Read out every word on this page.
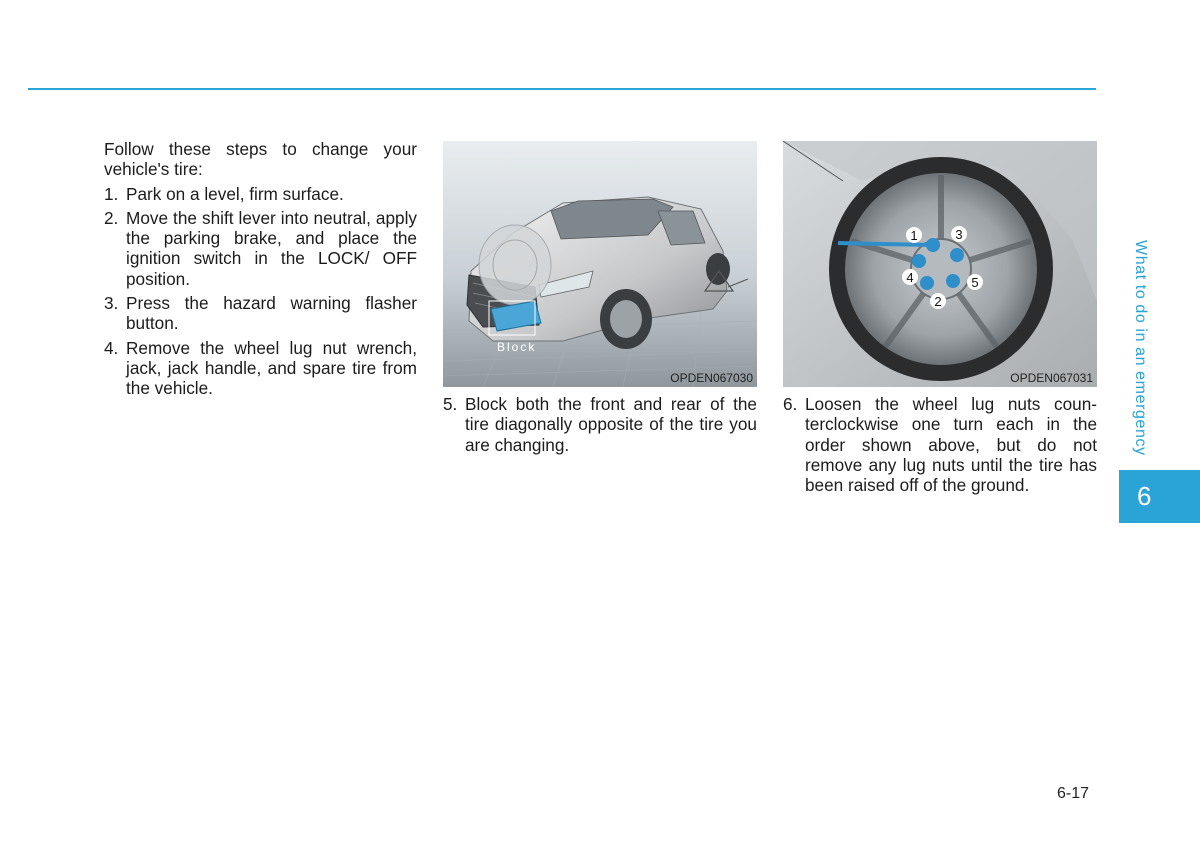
Follow these steps to change your vehicle's tire:

1. Park on a level, firm surface.
2. Move the shift lever into neutral, apply the parking brake, and place the ignition switch in the LOCK/ OFF position.
3. Press the hazard warning flasher button.
4. Remove the wheel lug nut wrench, jack, jack handle, and spare tire from the vehicle.
Block
OPDEN067030
1
2
3
4	5
OPDEN067031
5. Block both the front and rear of the tire diagonally opposite of the tire you are changing.
6. Loosen the wheel lug nuts coun- terclockwise one turn each in the order shown above, but do not remove any lug nuts until the tire has been raised off of the ground.
What to do in an emergency
6
6-17
